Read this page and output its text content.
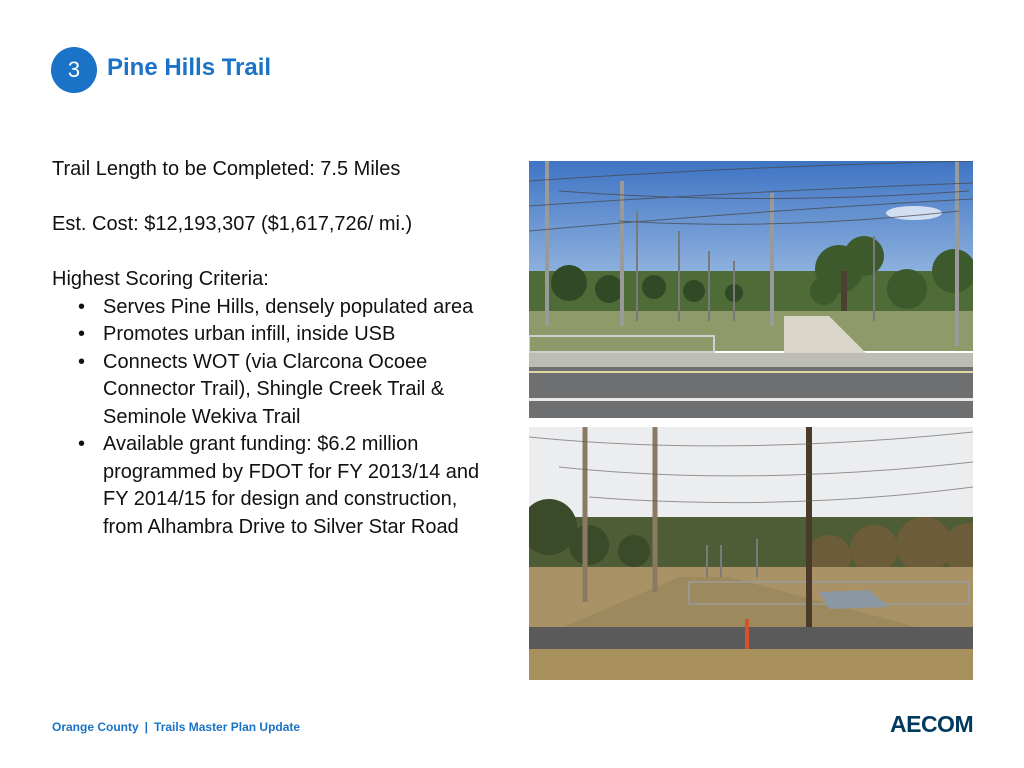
3	Pine Hills Trail

Trail Length to be Completed: 7.5 Miles

Est. Cost: $12,193,307 ($1,617,726/ mi.)

Highest Scoring Criteria:

• Serves Pine Hills, densely populated area
• Promotes urban infill, inside USB
• Connects WOT (via Clarcona Ocoee Connector Trail), Shingle Creek Trail & Seminole Wekiva Trail
• Available grant funding: $6.2 million programmed by FDOT for FY 2013/14 and FY 2014/15 for design and construction, from Alhambra Drive to Silver Star Road
Orange County | Trails Master Plan Update	AECOM
